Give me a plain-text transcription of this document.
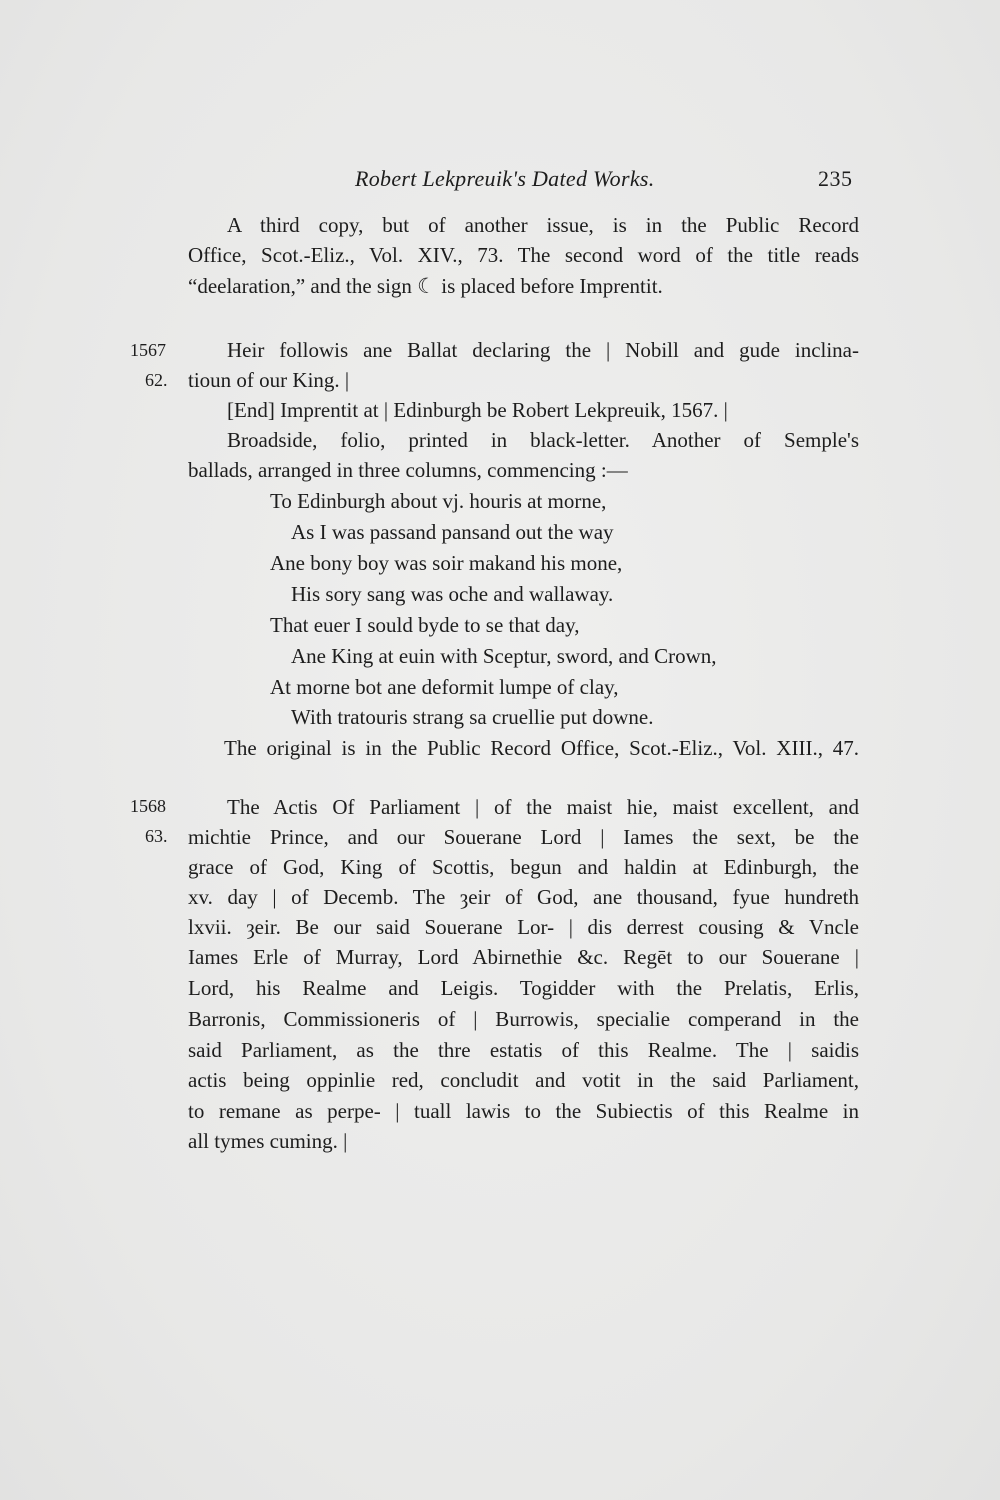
Robert Lekpreuik's Dated Works.	235
A third copy, but of another issue, is in the Public Record
Office, Scot.-Eliz., Vol. XIV., 73. The second word of the title reads
“deelaration,” and the sign ☾ is placed before Imprentit.
1567
62.
Heir followis ane Ballat declaring the | Nobill and gude inclina-
tioun of our King. |
[End] Imprentit at | Edinburgh be Robert Lekpreuik, 1567. |
Broadside, folio, printed in black-letter. Another of Semple's
ballads, arranged in three columns, commencing :—
To Edinburgh about vj. houris at morne,
As I was passand pansand out the way
Ane bony boy was soir makand his mone,
His sory sang was oche and wallaway.
That euer I sould byde to se that day,
Ane King at euin with Sceptur, sword, and Crown,
At morne bot ane deformit lumpe of clay,
With tratouris strang sa cruellie put downe.
The original is in the Public Record Office, Scot.-Eliz., Vol. XIII., 47.
1568
63.
The Actis Of Parliament | of the maist hie, maist excellent, and
michtie Prince, and our Souerane Lord | Iames the sext, be the
grace of God, King of Scottis, begun and haldin at Edinburgh, the
xv. day | of Decemb. The ȝeir of God, ane thousand, fyue hundreth
lxvii. ȝeir. Be our said Souerane Lor- | dis derrest cousing & Vncle
Iames Erle of Murray, Lord Abirnethie &c. Regēt to our Souerane |
Lord, his Realme and Leigis. Togidder with the Prelatis, Erlis,
Barronis, Commissioneris of | Burrowis, specialie comperand in the
said Parliament, as the thre estatis of this Realme. The | saidis
actis being oppinlie red, concludit and votit in the said Parliament,
to remane as perpe- | tuall lawis to the Subiectis of this Realme in
all tymes cuming. |
